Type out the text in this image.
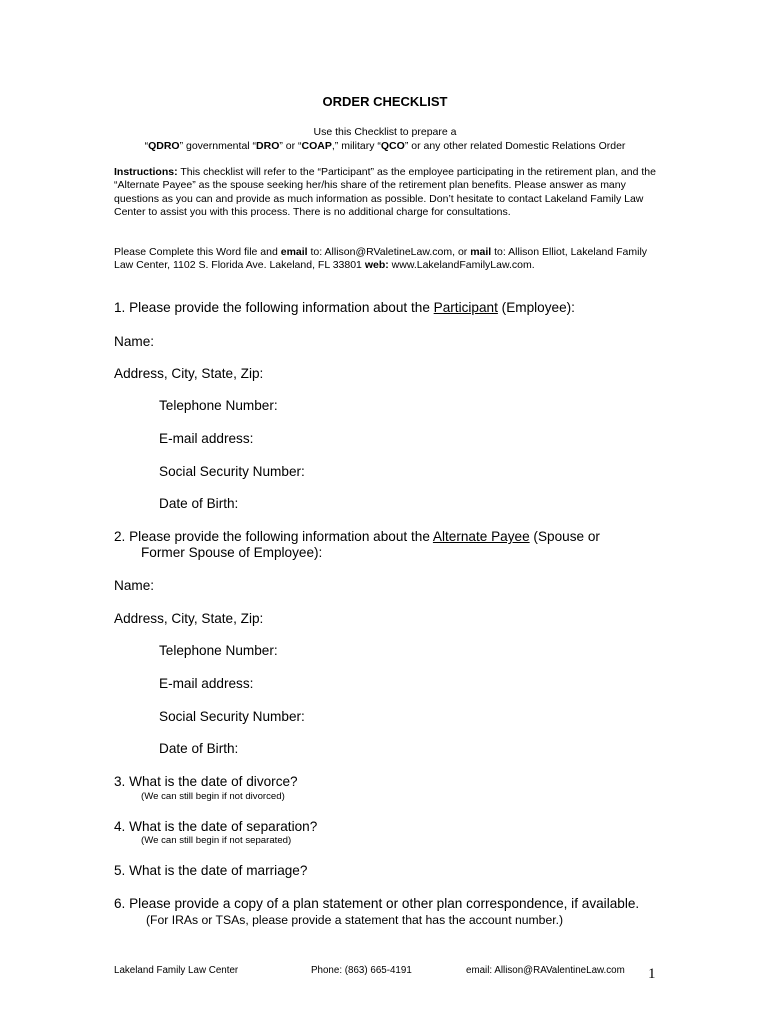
ORDER CHECKLIST
Use this Checklist to prepare a
“QDRO” governmental “DRO” or “COAP,” military “QCO” or any other related Domestic Relations Order
Instructions: This checklist will refer to the “Participant” as the employee participating in the retirement plan, and the “Alternate Payee” as the spouse seeking her/his share of the retirement plan benefits. Please answer as many questions as you can and provide as much information as possible. Don’t hesitate to contact Lakeland Family Law Center to assist you with this process. There is no additional charge for consultations.
Please Complete this Word file and email to: Allison@RValetineLaw.com, or mail to: Allison Elliot, Lakeland Family Law Center, 1102 S. Florida Ave. Lakeland, FL 33801 web: www.LakelandFamilyLaw.com.
1. Please provide the following information about the Participant (Employee):
Name:
Address, City, State, Zip:
Telephone Number:
E-mail address:
Social Security Number:
Date of Birth:
2. Please provide the following information about the Alternate Payee (Spouse or
Former Spouse of Employee):
Name:
Address, City, State, Zip:
Telephone Number:
E-mail address:
Social Security Number:
Date of Birth:
3. What is the date of divorce?
(We can still begin if not divorced)
4. What is the date of separation?
(We can still begin if not separated)
5. What is the date of marriage?
6. Please provide a copy of a plan statement or other plan correspondence, if available.
(For IRAs or TSAs, please provide a statement that has the account number.)
Lakeland Family Law Center	Phone: (863) 665-4191	email: Allison@RAValentineLaw.com 1
